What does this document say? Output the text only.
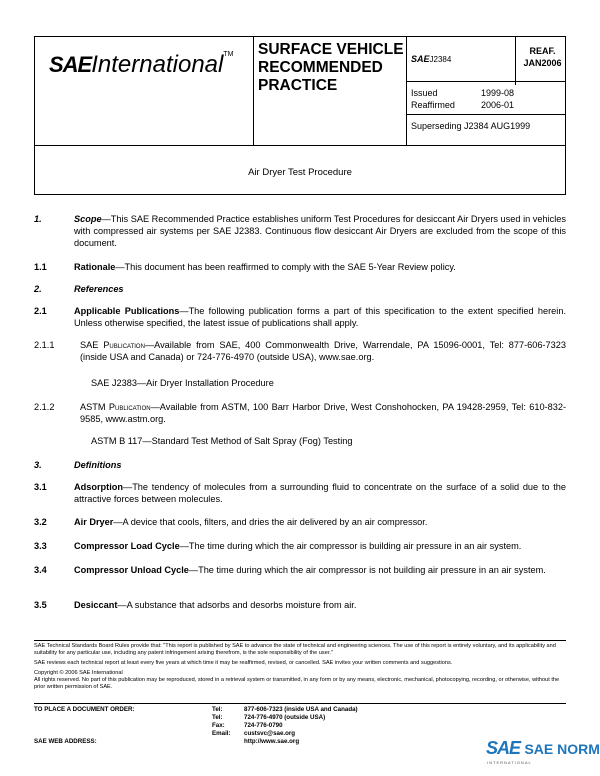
SAEInternational™ SURFACE VEHICLE RECOMMENDED PRACTICE
SAEJ2384
REAF.
JAN2006
Issued	1999-08
Reaffirmed	2006-01
Superseding J2384 AUG1999
Air Dryer Test Procedure
1.	Scope—This SAE Recommended Practice establishes uniform Test Procedures for desiccant Air Dryers used in vehicles with compressed air systems per SAE J2383. Continuous flow desiccant Air Dryers are excluded from the scope of this document.
1.1	Rationale—This document has been reaffirmed to comply with the SAE 5-Year Review policy.
2.	References
2.1	Applicable Publications—The following publication forms a part of this specification to the extent specified herein. Unless otherwise specified, the latest issue of publications shall apply.
2.1.1	SAE Publication—Available from SAE, 400 Commonwealth Drive, Warrendale, PA 15096-0001, Tel: 877-606-7323 (inside USA and Canada) or 724-776-4970 (outside USA), www.sae.org.
SAE J2383—Air Dryer Installation Procedure
2.1.2	ASTM Publication—Available from ASTM, 100 Barr Harbor Drive, West Conshohocken, PA 19428-2959, Tel: 610-832-9585, www.astm.org.
ASTM B 117—Standard Test Method of Salt Spray (Fog) Testing
3.	Definitions
3.1	Adsorption—The tendency of molecules from a surrounding fluid to concentrate on the surface of a solid due to the attractive forces between molecules.
3.2	Air Dryer—A device that cools, filters, and dries the air delivered by an air compressor.
3.3	Compressor Load Cycle—The time during which the air compressor is building air pressure in an air system.
3.4	Compressor Unload Cycle—The time during which the air compressor is not building air pressure in an air system.
3.5	Desiccant—A substance that adsorbs and desorbs moisture from air.
SAE Technical Standards Board Rules provide that: "This report is published by SAE to advance the state of technical and engineering sciences. The use of this report is entirely voluntary, and its applicability and suitability for any particular use, including any patent infringement arising therefrom, is the sole responsibility of the user."
SAE reviews each technical report at least every five years at which time it may be reaffirmed, revised, or cancelled. SAE invites your written comments and suggestions.
Copyright © 2006 SAE International
All rights reserved. No part of this publication may be reproduced, stored in a retrieval system or transmitted, in any form or by any means, electronic, mechanical, photocopying, recording, or otherwise, without the prior written permission of SAE.
TO PLACE A DOCUMENT ORDER:	Tel:	877-606-7323 (inside USA and Canada)
Tel:	724-776-4970 (outside USA)
Fax:	724-776-0790
Email: custsvc@sae.org
SAE WEB ADDRESS:	http://www.sae.org	SAE SAE NORM
INTERNATIONAL
